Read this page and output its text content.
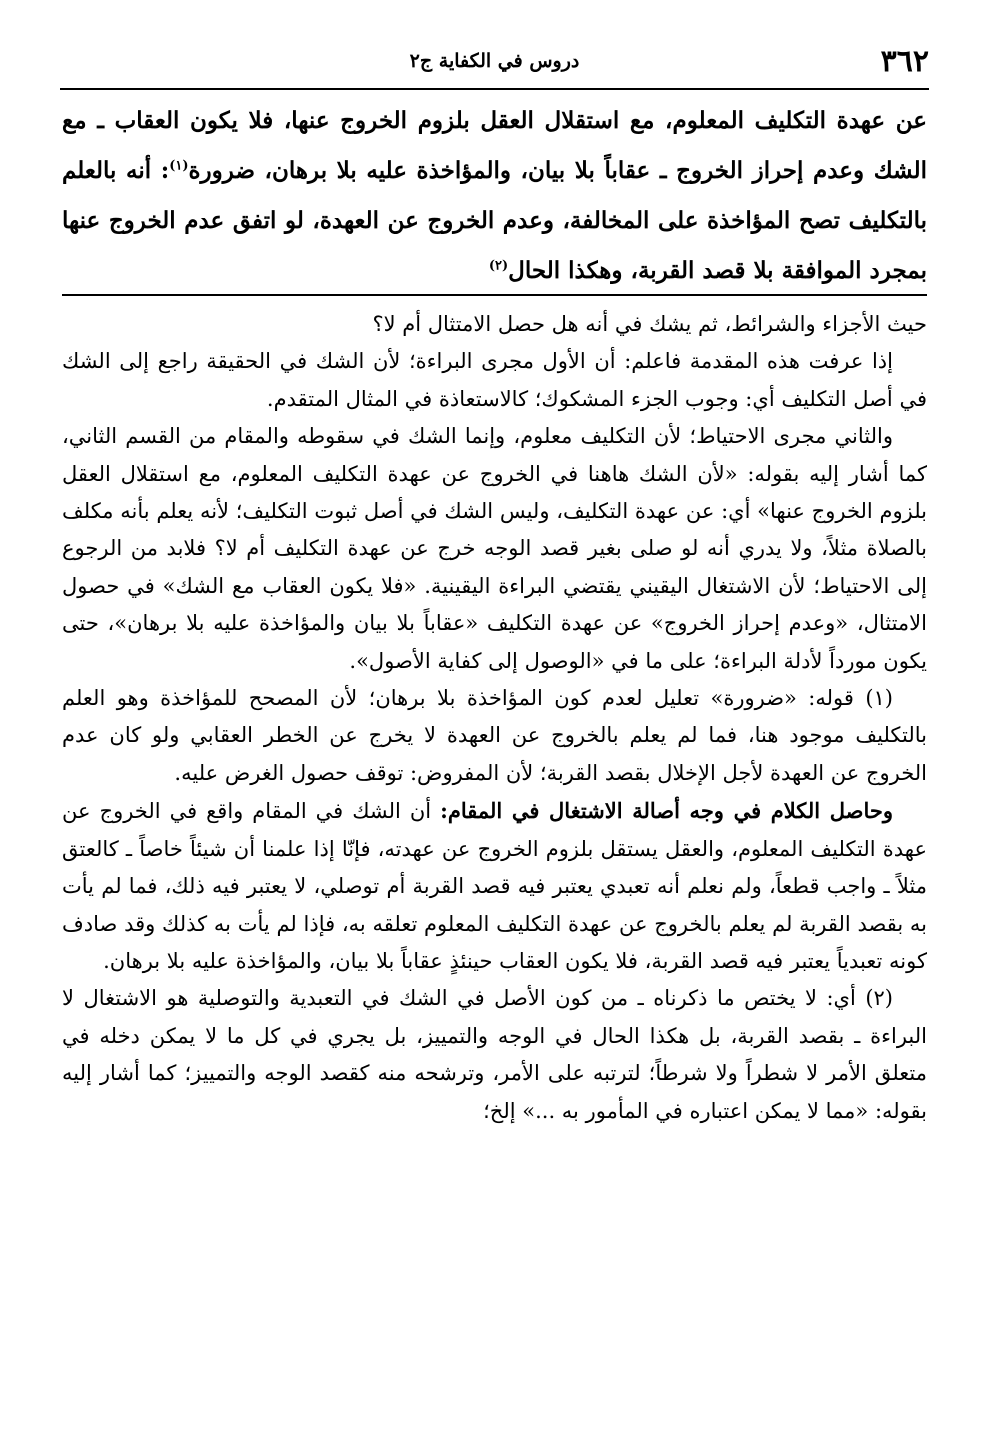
٣٦٢
دروس في الكفاية ج٢

عن عهدة التكليف المعلوم، مع استقلال العقل بلزوم الخروج عنها، فلا يكون العقاب ـ مع الشك وعدم إحراز الخروج ـ عقاباً بلا بيان، والمؤاخذة عليه بلا برهان، ضرورة$^{(١)}$: أنه بالعلم بالتكليف تصح المؤاخذة على المخالفة، وعدم الخروج عن العهدة، لو اتفق عدم الخروج عنها بمجرد الموافقة بلا قصد القربة، وهكذا الحال$^{(٢)}$

حيث الأجزاء والشرائط، ثم يشك في أنه هل حصل الامتثال أم لا؟

إذا عرفت هذه المقدمة فاعلم: أن الأول مجرى البراءة؛ لأن الشك في الحقيقة راجع إلى الشك في أصل التكليف أي: وجوب الجزء المشكوك؛ كالاستعاذة في المثال المتقدم.

والثاني مجرى الاحتياط؛ لأن التكليف معلوم، وإنما الشك في سقوطه والمقام من القسم الثاني، كما أشار إليه بقوله: «لأن الشك هاهنا في الخروج عن عهدة التكليف المعلوم، مع استقلال العقل بلزوم الخروج عنها» أي: عن عهدة التكليف، وليس الشك في أصل ثبوت التكليف؛ لأنه يعلم بأنه مكلف بالصلاة مثلاً، ولا يدري أنه لو صلى بغير قصد الوجه خرج عن عهدة التكليف أم لا؟ فلابد من الرجوع إلى الاحتياط؛ لأن الاشتغال اليقيني يقتضي البراءة اليقينية. «فلا يكون العقاب مع الشك» في حصول الامتثال، «وعدم إحراز الخروج» عن عهدة التكليف «عقاباً بلا بيان والمؤاخذة عليه بلا برهان»، حتى يكون مورداً لأدلة البراءة؛ على ما في «الوصول إلى كفاية الأصول».

(١) قوله: «ضرورة» تعليل لعدم كون المؤاخذة بلا برهان؛ لأن المصحح للمؤاخذة وهو العلم بالتكليف موجود هنا، فما لم يعلم بالخروج عن العهدة لا يخرج عن الخطر العقابي ولو كان عدم الخروج عن العهدة لأجل الإخلال بقصد القربة؛ لأن المفروض: توقف حصول الغرض عليه.

وحاصل الكلام في وجه أصالة الاشتغال في المقام: أن الشك في المقام واقع في الخروج عن عهدة التكليف المعلوم، والعقل يستقل بلزوم الخروج عن عهدته، فإنّا إذا علمنا أن شيئاً خاصاً ـ كالعتق مثلاً ـ واجب قطعاً، ولم نعلم أنه تعبدي يعتبر فيه قصد القربة أم توصلي، لا يعتبر فيه ذلك، فما لم يأت به بقصد القربة لم يعلم بالخروج عن عهدة التكليف المعلوم تعلقه به، فإذا لم يأت به كذلك وقد صادف كونه تعبدياً يعتبر فيه قصد القربة، فلا يكون العقاب حينئذٍ عقاباً بلا بيان، والمؤاخذة عليه بلا برهان.

(٢) أي: لا يختص ما ذكرناه ـ من كون الأصل في الشك في التعبدية والتوصلية هو الاشتغال لا البراءة ـ بقصد القربة، بل هكذا الحال في الوجه والتمييز، بل يجري في كل ما لا يمكن دخله في متعلق الأمر لا شطراً ولا شرطاً؛ لترتبه على الأمر، وترشحه منه كقصد الوجه والتمييز؛ كما أشار إليه بقوله: «مما لا يمكن اعتباره في المأمور به ...» إلخ؛
